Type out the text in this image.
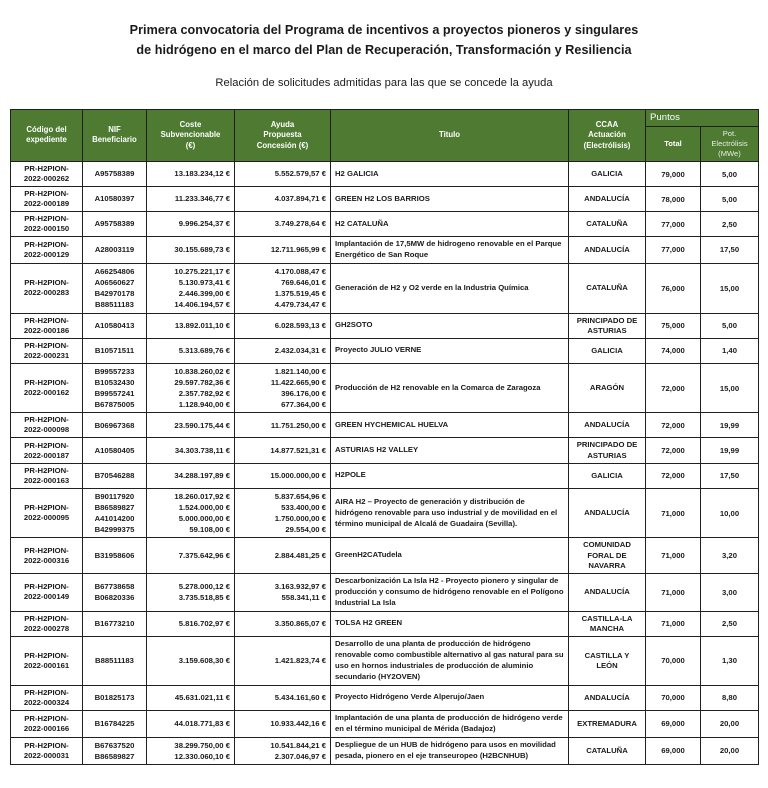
Primera convocatoria del Programa de incentivos a proyectos pioneros y singulares
de hidrógeno en el marco del Plan de Recuperación, Transformación y Resiliencia
Relación de solicitudes admitidas para las que se concede la ayuda
Código del
expediente	NIF
Beneficiario	Coste
Subvencionable
(€)	Ayuda
Propuesta
Concesión (€)	Titulo	CCAA
Actuación
(Electrólisis)	Puntos	
						Total	Pot.
Electrólisis
(MWe)
PR-H2PION-
2022-000262	A95758389	13.183.234,12 €	5.552.579,57 €	H2 GALICIA	GALICIA	79,000	5,00
PR-H2PION-
2022-000189	A10580397	11.233.346,77 €	4.037.894,71 €	GREEN H2 LOS BARRIOS	ANDALUCÍA	78,000	5,00
PR-H2PION-
2022-000150	A95758389	9.996.254,37 €	3.749.278,64 €	H2 CATALUÑA	CATALUÑA	77,000	2,50
PR-H2PION-
2022-000129	A28003119	30.155.689,73 €	12.711.965,99 €	Implantación de 17,5MW de hidrogeno renovable en el Parque Energético de San Roque	ANDALUCÍA	77,000	17,50
PR-H2PION-
2022-000283	A66254806
A06560627
B42970178
B88511183	10.275.221,17 €
5.130.973,41 €
2.446.399,00 €
14.406.194,57 €	4.170.088,47 €
769.646,01 €
1.375.519,45 €
4.479.734,47 €	Generación de H2 y O2 verde en la Industria Química	CATALUÑA	76,000	15,00
PR-H2PION-
2022-000186	A10580413	13.892.011,10 €	6.028.593,13 €	GH2SOTO	PRINCIPADO DE ASTURIAS	75,000	5,00
PR-H2PION-
2022-000231	B10571511	5.313.689,76 €	2.432.034,31 €	Proyecto JULIO VERNE	GALICIA	74,000	1,40
PR-H2PION-
2022-000162	B99557233
B10532430
B99557241
B67875005	10.838.260,02 €
29.597.782,36 €
2.357.782,92 €
1.128.940,00 €	1.821.140,00 €
11.422.665,90 €
396.176,00 €
677.364,00 €	Producción de H2 renovable en la Comarca de Zaragoza	ARAGÓN	72,000	15,00
PR-H2PION-
2022-000098	B06967368	23.590.175,44 €	11.751.250,00 €	GREEN HYCHEMICAL HUELVA	ANDALUCÍA	72,000	19,99
PR-H2PION-
2022-000187	A10580405	34.303.738,11 €	14.877.521,31 €	ASTURIAS H2 VALLEY	PRINCIPADO DE ASTURIAS	72,000	19,99
PR-H2PION-
2022-000163	B70546288	34.288.197,89 €	15.000.000,00 €	H2POLE	GALICIA	72,000	17,50
PR-H2PION-
2022-000095	B90117920
B86589827
A41014200
B42999375	18.260.017,92 €
1.524.000,00 €
5.000.000,00 €
59.108,00 €	5.837.654,96 €
533.400,00 €
1.750.000,00 €
29.554,00 €	AIRA H2 – Proyecto de generación y distribución de hidrógeno renovable para uso industrial y de movilidad en el término municipal de Alcalá de Guadaira (Sevilla).	ANDALUCÍA	71,000	10,00
PR-H2PION-
2022-000316	B31958606	7.375.642,96 €	2.884.481,25 €	GreenH2CATudela	COMUNIDAD FORAL DE NAVARRA	71,000	3,20
PR-H2PION-
2022-000149	B67738658
B06820336	5.278.000,12 €
3.735.518,85 €	3.163.932,97 €
558.341,11 €	Descarbonización La Isla H2 - Proyecto pionero y singular de producción y consumo de hidrógeno renovable en el Polígono Industrial La Isla	ANDALUCÍA	71,000	3,00
PR-H2PION-
2022-000278	B16773210	5.816.702,97 €	3.350.865,07 €	TOLSA H2 GREEN	CASTILLA-LA MANCHA	71,000	2,50
PR-H2PION-
2022-000161	B88511183	3.159.608,30 €	1.421.823,74 €	Desarrollo de una planta de producción de hidrógeno renovable como combustible alternativo al gas natural para su uso en hornos industriales de producción de aluminio secundario (HY2OVEN)	CASTILLA Y LEÓN	70,000	1,30
PR-H2PION-
2022-000324	B01825173	45.631.021,11 €	5.434.161,60 €	Proyecto Hidrógeno Verde Alperujo/Jaen	ANDALUCÍA	70,000	8,80
PR-H2PION-
2022-000166	B16784225	44.018.771,83 €	10.933.442,16 €	Implantación de una planta de producción de hidrógeno verde en el término municipal de Mérida (Badajoz)	EXTREMADURA	69,000	20,00
PR-H2PION-
2022-000031	B67637520
B86589827	38.299.750,00 €
12.330.060,10 €	10.541.844,21 €
2.307.046,97 €	Despliegue de un HUB de hidrógeno para usos en movilidad pesada, pionero en el eje transeuropeo (H2BCNHUB)	CATALUÑA	69,000	20,00
